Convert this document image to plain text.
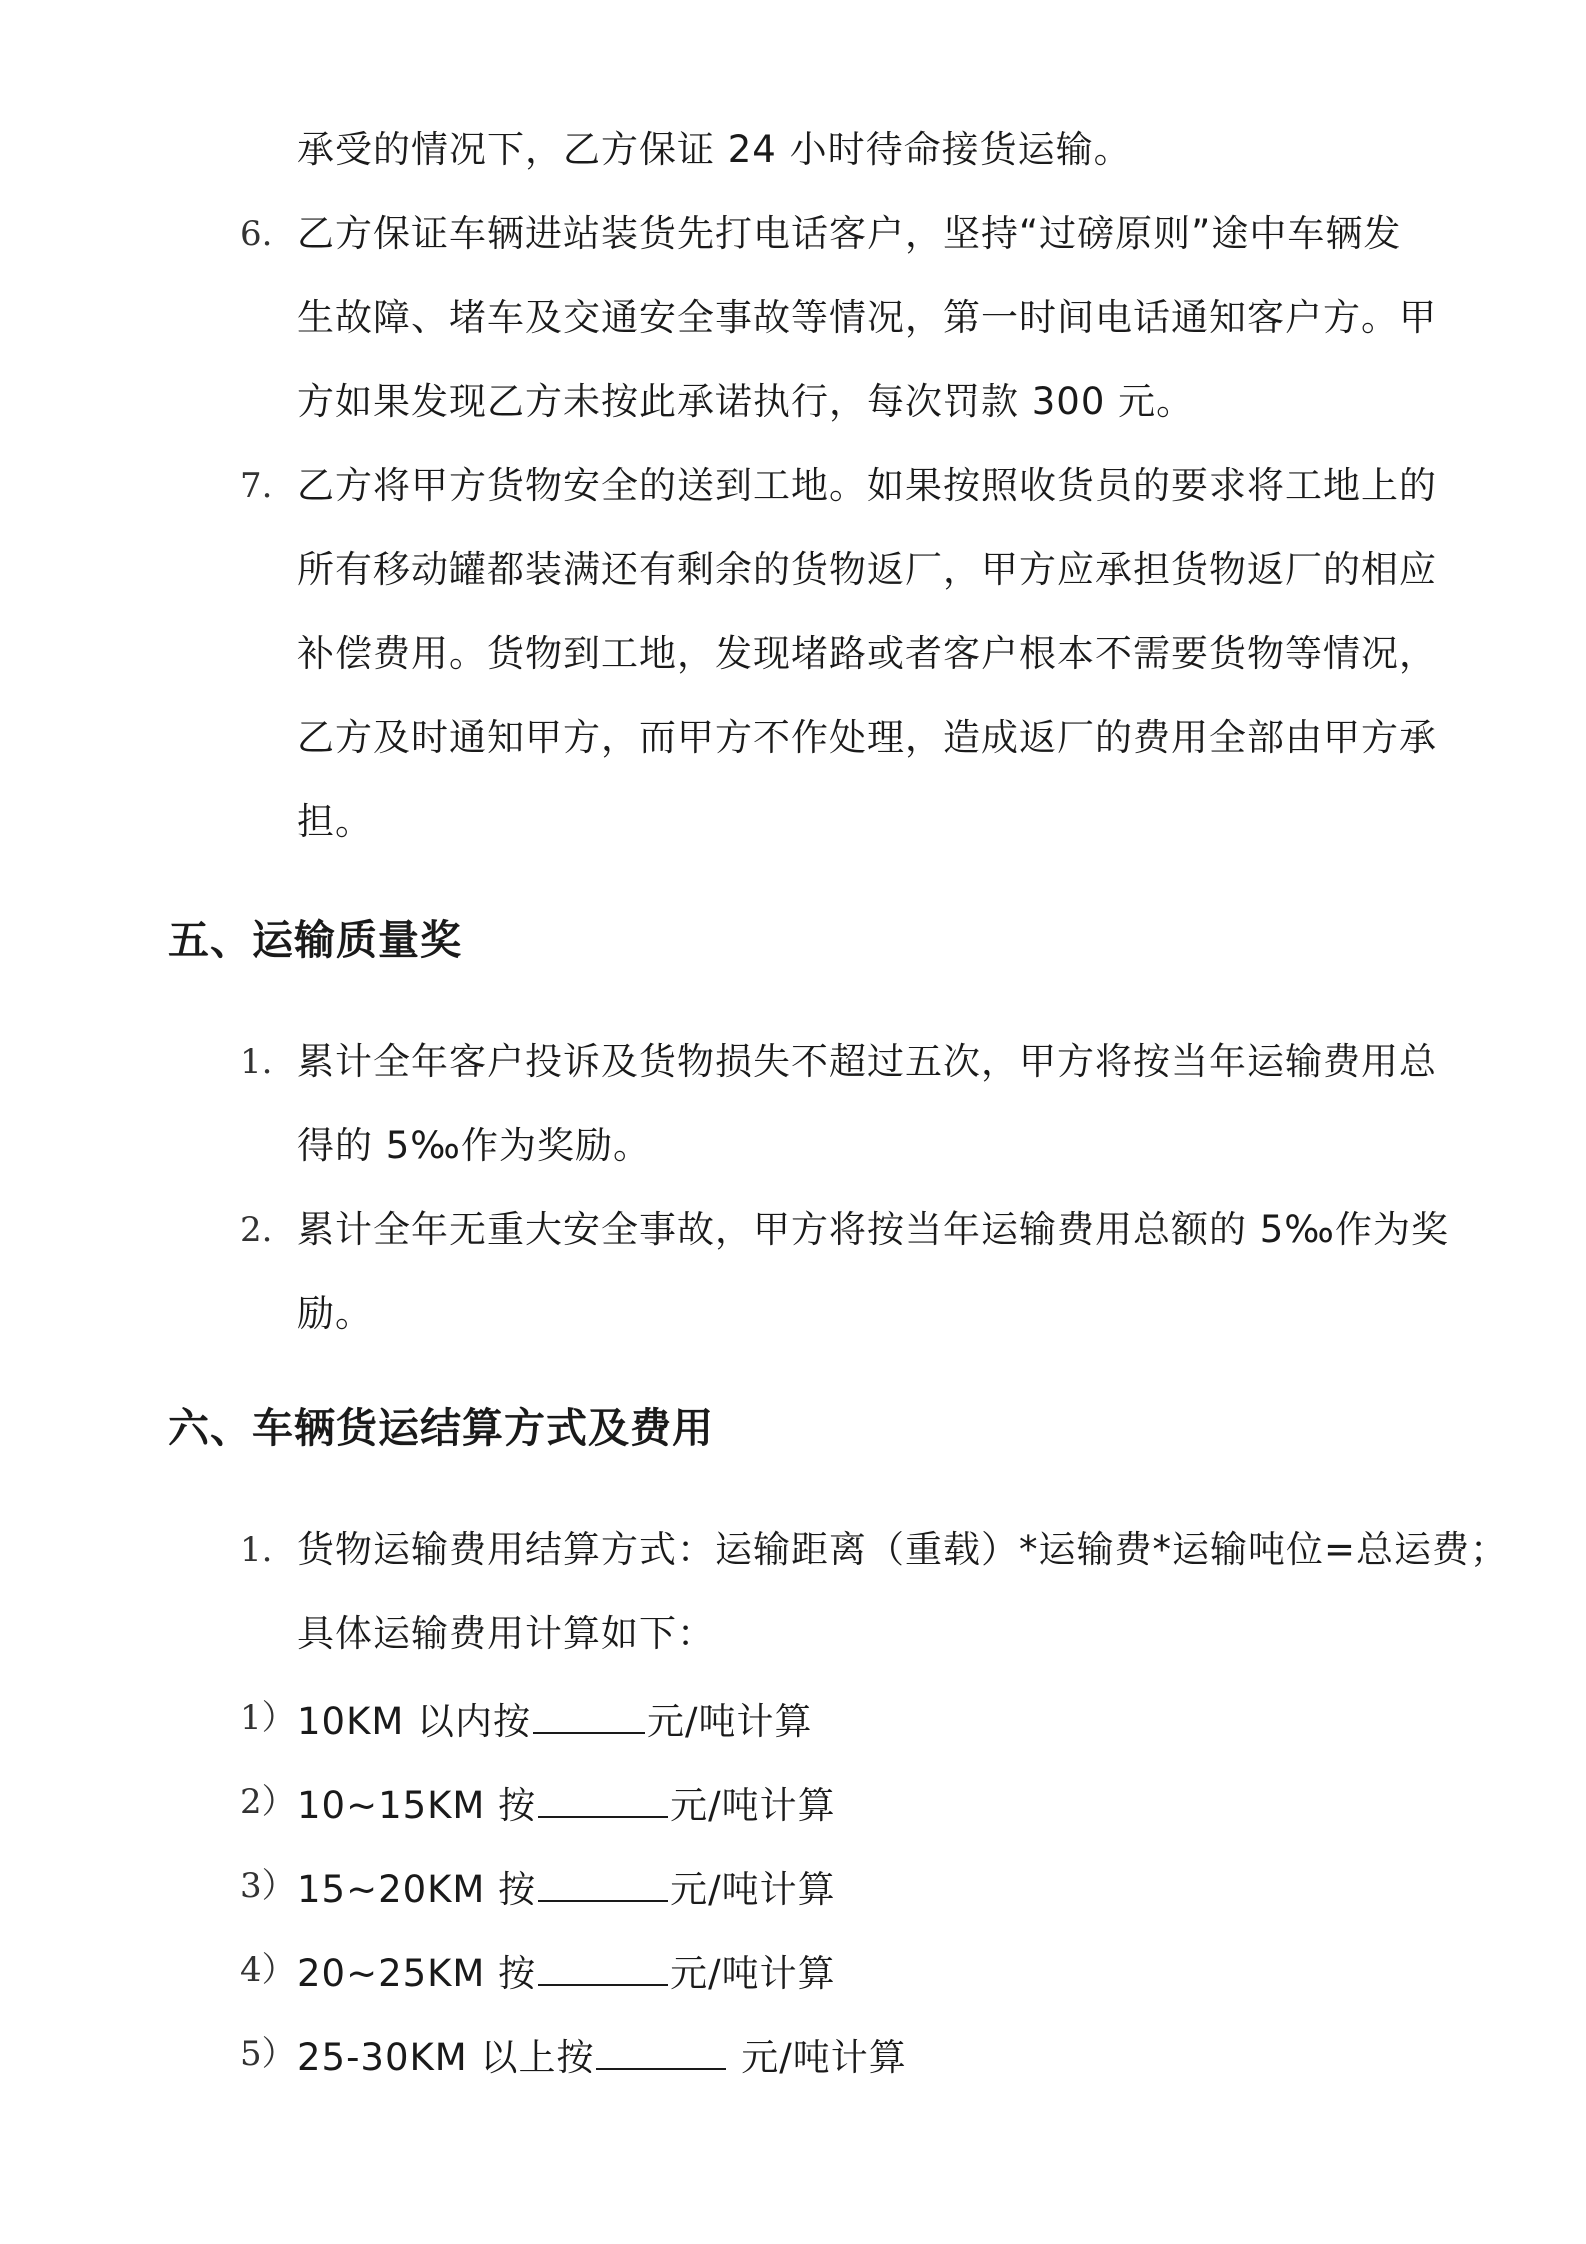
承受的情况下，乙方保证 24 小时待命接货运输。
6. 乙方保证车辆进站装货先打电话客户，坚持“过磅原则”途中车辆发
生故障、堵车及交通安全事故等情况，第一时间电话通知客户方。甲
方如果发现乙方未按此承诺执行，每次罚款 300 元。
7. 乙方将甲方货物安全的送到工地。如果按照收货员的要求将工地上的
所有移动罐都装满还有剩余的货物返厂，甲方应承担货物返厂的相应
补偿费用。货物到工地，发现堵路或者客户根本不需要货物等情况，
乙方及时通知甲方，而甲方不作处理，造成返厂的费用全部由甲方承
担。
五、运输质量奖
1. 累计全年客户投诉及货物损失不超过五次，甲方将按当年运输费用总
得的 5‰作为奖励。
2. 累计全年无重大安全事故，甲方将按当年运输费用总额的 5‰作为奖
励。
六、车辆货运结算方式及费用
1. 货物运输费用结算方式：运输距离（重载）*运输费*运输吨位=总运费；
具体运输费用计算如下：
1） 10KM 以内按	元/吨计算
2） 10~15KM 按	元/吨计算
3） 15~20KM 按	元/吨计算
4） 20~25KM 按	元/吨计算
5） 25-30KM 以上按	元/吨计算
